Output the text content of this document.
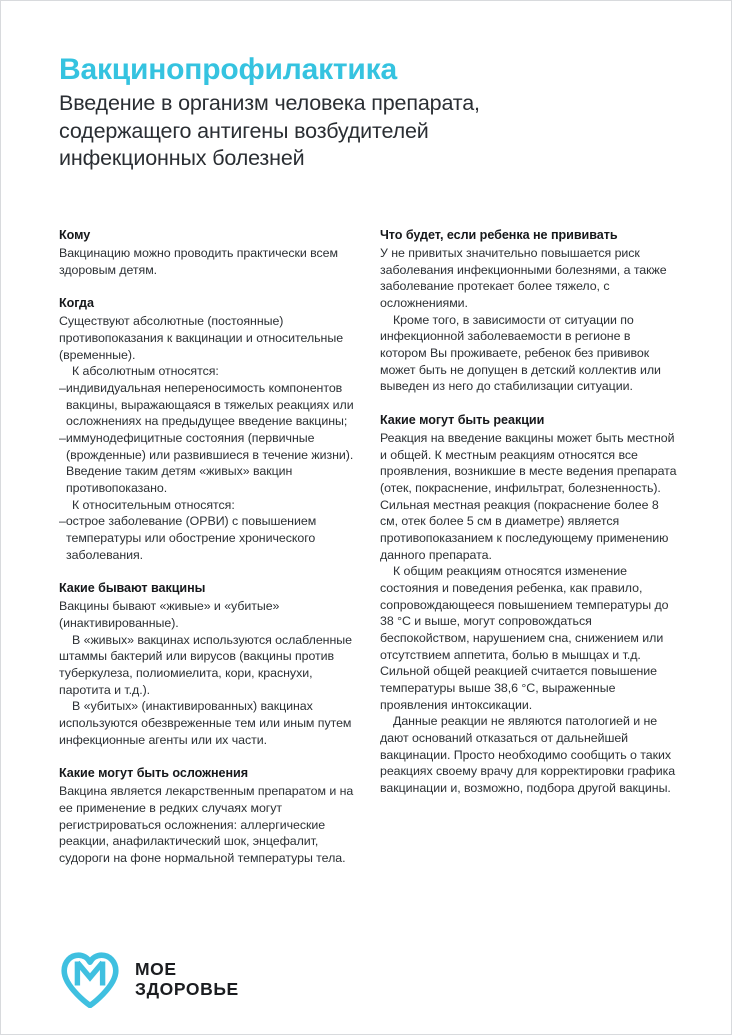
Вакцинопрофилактика
Введение в организм человека препарата,
содержащего антигены возбудителей
инфекционных болезней
Кому

Вакцинацию можно проводить практически всем здоровым детям.

Когда

Существуют абсолютные (постоянные) противопоказания к вакцинации и относительные (временные).

К абсолютным относятся:

–индивидуальная непереносимость компонентов вакцины, выражающаяся в тяжелых реакциях или осложнениях на предыдущее введение вакцины;

–иммунодефицитные состояния (первичные (врожденные) или развившиеся в течение жизни). Введение таким детям «живых» вакцин противопоказано.

К относительным относятся:

–острое заболевание (ОРВИ) с повышением температуры или обострение хронического заболевания.

Какие бывают вакцины

Вакцины бывают «живые» и «убитые» (инактивированные).

В «живых» вакцинах используются ослабленные штаммы бактерий или вирусов (вакцины против туберкулеза, полиомиелита, кори, краснухи, паротита и т.д.).

В «убитых» (инактивированных) вакцинах используются обезвреженные тем или иным путем инфекционные агенты или их части.

Какие могут быть осложнения

Вакцина является лекарственным препаратом и на ее применение в редких случаях могут регистрироваться осложнения: аллергические реакции, анафилактический шок, энцефалит, судороги на фоне нормальной температуры тела.

Что будет, если ребенка не прививать

У не привитых значительно повышается риск заболевания инфекционными болезнями, а также заболевание протекает более тяжело, с осложнениями.

Кроме того, в зависимости от ситуации по инфекционной заболеваемости в регионе в котором Вы проживаете, ребенок без прививок может быть не допущен в детский коллектив или выведен из него до стабилизации ситуации.

Какие могут быть реакции

Реакция на введение вакцины может быть местной и общей. К местным реакциям относятся все проявления, возникшие в месте ведения препарата (отек, покраснение, инфильтрат, болезненность). Сильная местная реакция (покраснение более 8 см, отек более 5 см в диаметре) является противопоказанием к последующему применению данного препарата.

К общим реакциям относятся изменение состояния и поведения ребенка, как правило, сопровождающееся повышением температуры до 38 °С и выше, могут сопровождаться беспокойством, нарушением сна, снижением или отсутствием аппетита, болью в мышцах и т.д. Сильной общей реакцией считается повышение температуры выше 38,6 °С, выраженные проявления интоксикации.

Данные реакции не являются патологией и не дают оснований отказаться от дальнейшей вакцинации. Просто необходимо сообщить о таких реакциях своему врачу для корректировки графика вакцинации и, возможно, подбора другой вакцины.

МОЕ
ЗДОРОВЬЕ
